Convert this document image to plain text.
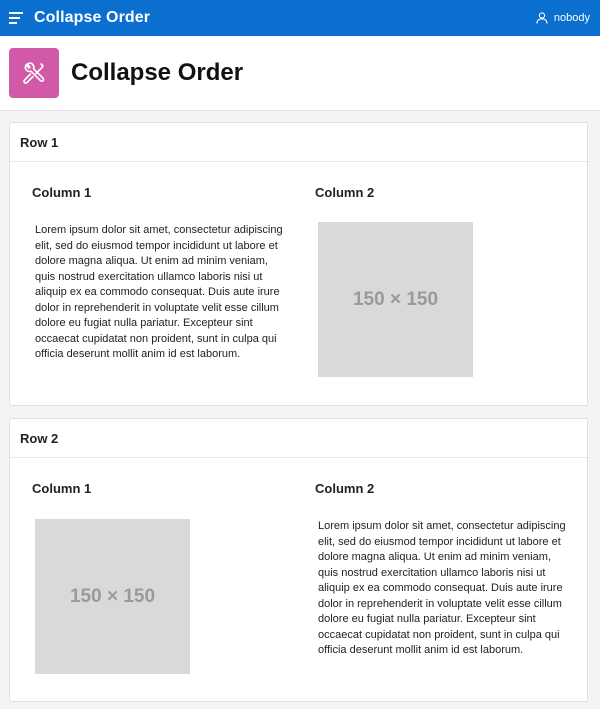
Collapse Order	nobody
Collapse Order
Row 1
Column 1
Lorem ipsum dolor sit amet, consectetur adipiscing elit, sed do eiusmod tempor incididunt ut labore et dolore magna aliqua. Ut enim ad minim veniam, quis nostrud exercitation ullamco laboris nisi ut aliquip ex ea commodo consequat. Duis aute irure dolor in reprehenderit in voluptate velit esse cillum dolore eu fugiat nulla pariatur. Excepteur sint occaecat cupidatat non proident, sunt in culpa qui officia deserunt mollit anim id est laborum.
Column 2
150 × 150
Row 2
Column 1
150 × 150
Column 2
Lorem ipsum dolor sit amet, consectetur adipiscing elit, sed do eiusmod tempor incididunt ut labore et dolore magna aliqua. Ut enim ad minim veniam, quis nostrud exercitation ullamco laboris nisi ut aliquip ex ea commodo consequat. Duis aute irure dolor in reprehenderit in voluptate velit esse cillum dolore eu fugiat nulla pariatur. Excepteur sint occaecat cupidatat non proident, sunt in culpa qui officia deserunt mollit anim id est laborum.
